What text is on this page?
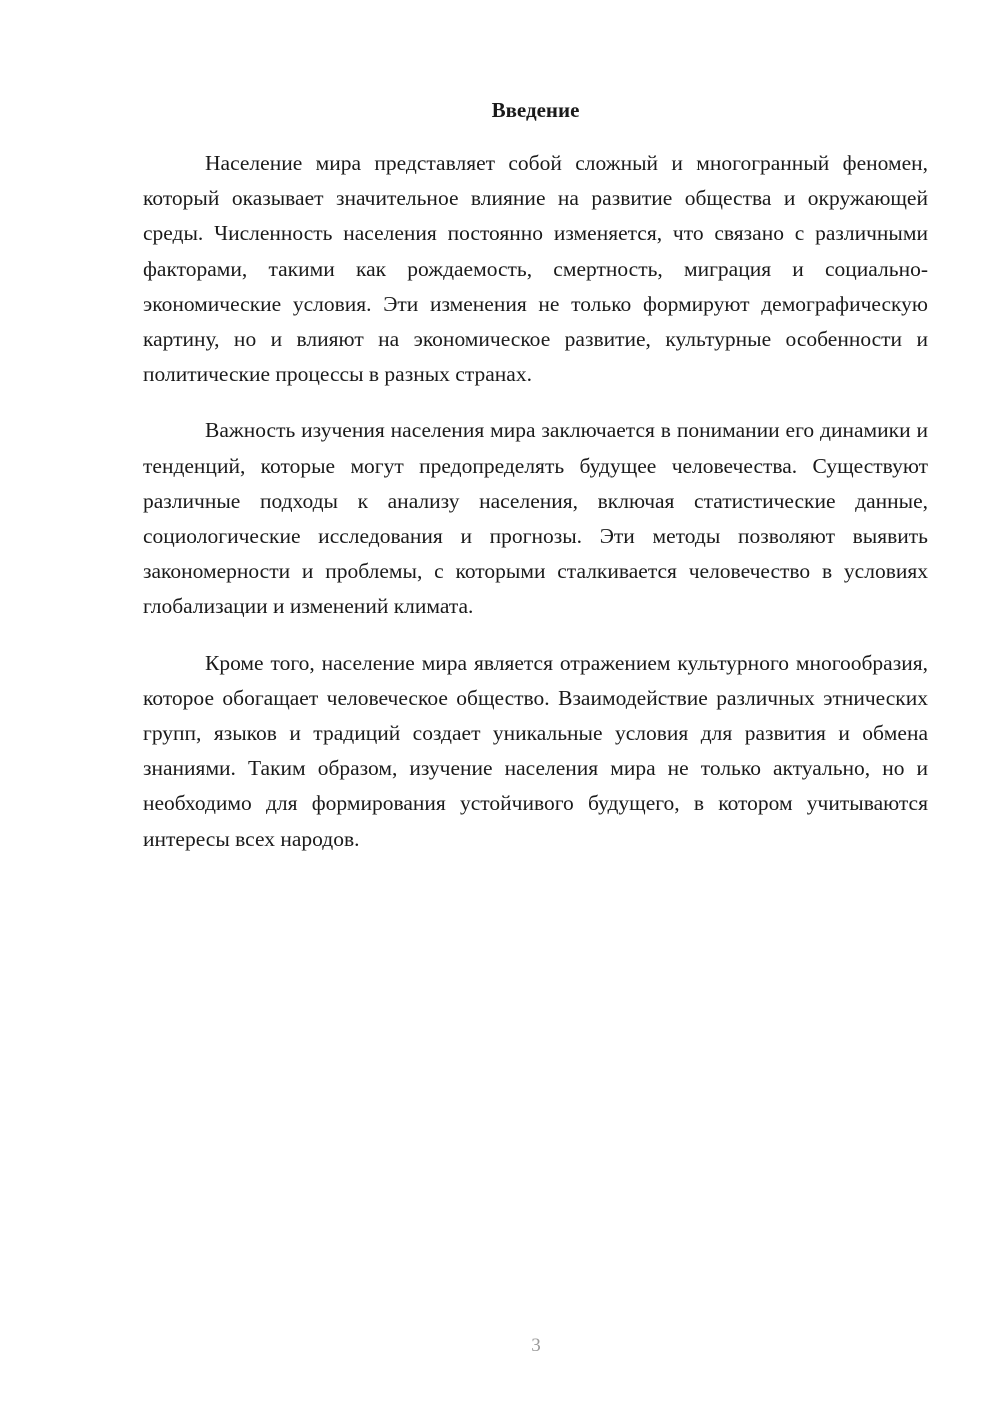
Введение

Население мира представляет собой сложный и многогранный феномен, который оказывает значительное влияние на развитие общества и окружающей среды. Численность населения постоянно изменяется, что связано с различными факторами, такими как рождаемость, смертность, миграция и социально-экономические условия. Эти изменения не только формируют демографическую картину, но и влияют на экономическое развитие, культурные особенности и политические процессы в разных странах.

Важность изучения населения мира заключается в понимании его динамики и тенденций, которые могут предопределять будущее человечества. Существуют различные подходы к анализу населения, включая статистические данные, социологические исследования и прогнозы. Эти методы позволяют выявить закономерности и проблемы, с которыми сталкивается человечество в условиях глобализации и изменений климата.

Кроме того, население мира является отражением культурного многообразия, которое обогащает человеческое общество. Взаимодействие различных этнических групп, языков и традиций создает уникальные условия для развития и обмена знаниями. Таким образом, изучение населения мира не только актуально, но и необходимо для формирования устойчивого будущего, в котором учитываются интересы всех народов.

3
